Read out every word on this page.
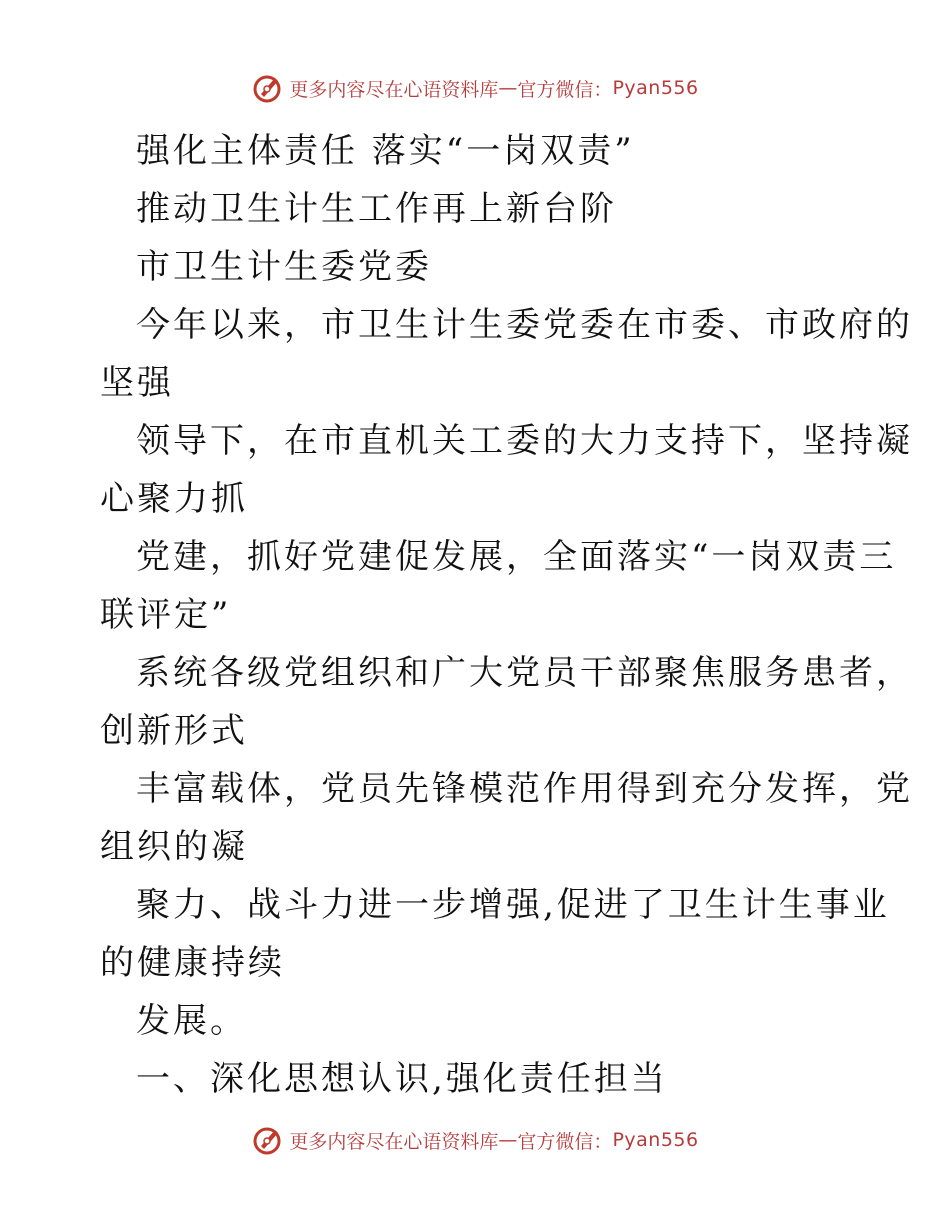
更多内容尽在心语资料库 — 官方微信： Pyan556

强化主体责任 落实“一岗双责”

推动卫生计生工作再上新台阶

市卫生计生委党委

今年以来，市卫生计生委党委在市委、市政府的

坚强

领导下，在市直机关工委的大力支持下，坚持凝

心聚力抓

党建，抓好党建促发展，全面落实“一岗双责三

联评定”

系统各级党组织和广大党员干部聚焦服务患者，

创新形式

丰富载体，党员先锋模范作用得到充分发挥，党

组织的凝

聚力、战斗力进一步增强,促进了卫生计生事业

的健康持续

发展。

一、深化思想认识,强化责任担当

更多内容尽在心语资料库 — 官方微信： Pyan556
